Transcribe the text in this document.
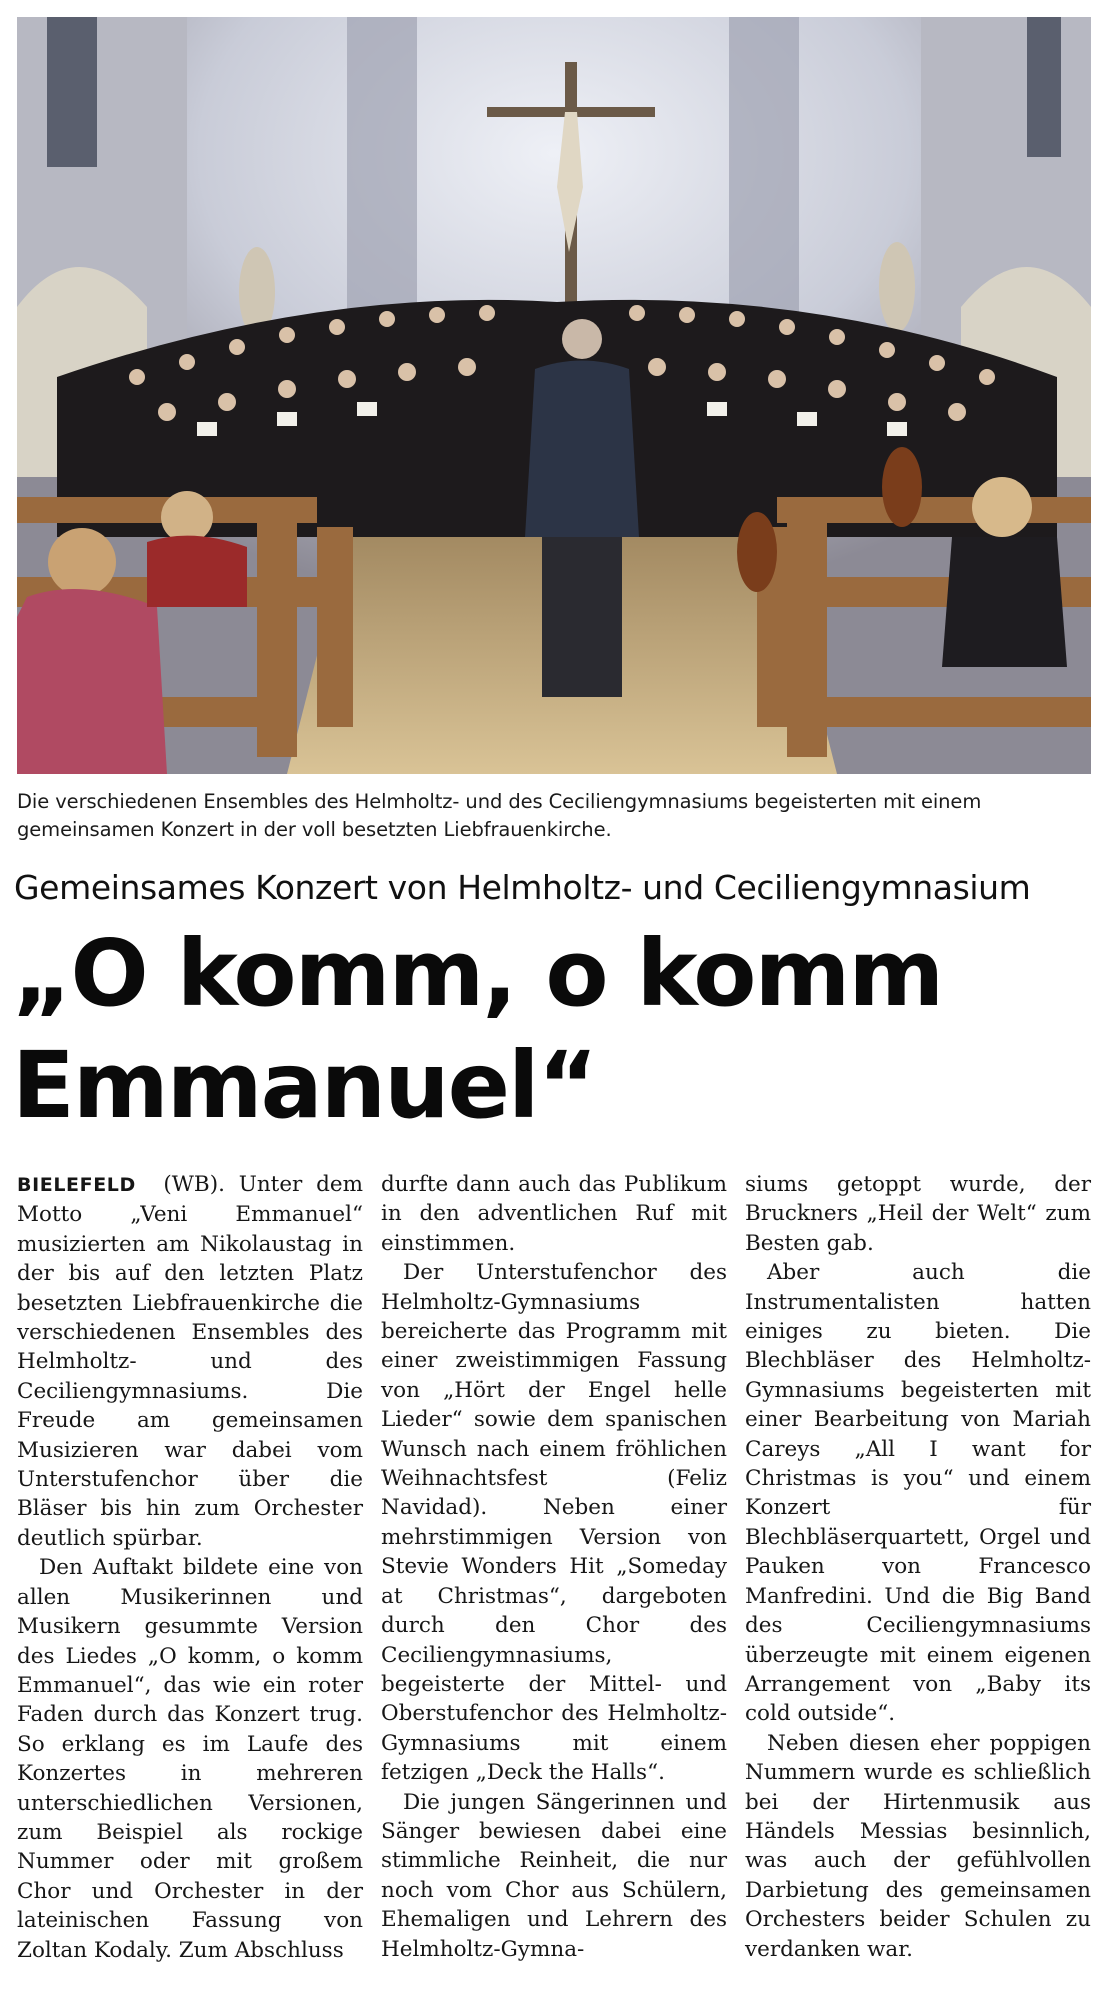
Die verschiedenen Ensembles des Helmholtz- und des Ceciliengymnasiums begeisterten mit einem gemeinsamen Konzert in der voll besetzten Liebfrauenkirche.
Gemeinsames Konzert von Helmholtz- und Ceciliengymnasium
„O komm, o komm Emmanuel“

BIELEFELD (WB). Unter dem Motto „Veni Emmanuel“ musizierten am Nikolaustag in der bis auf den letzten Platz besetzten Liebfrauenkirche die verschiedenen Ensembles des Helmholtz- und des Ceciliengymnasiums. Die Freude am gemeinsamen Musizieren war dabei vom Unterstufenchor über die Bläser bis hin zum Orchester deutlich spürbar.

Den Auftakt bildete eine von allen Musikerinnen und Musikern gesummte Version des Liedes „O komm, o komm Emmanuel“, das wie ein roter Faden durch das Konzert trug. So erklang es im Laufe des Konzertes in mehreren unterschiedlichen Versionen, zum Beispiel als rockige Nummer oder mit großem Chor und Orchester in der lateinischen Fassung von Zoltan Kodaly. Zum Abschluss

durfte dann auch das Publikum in den adventlichen Ruf mit einstimmen.

Der Unterstufenchor des Helmholtz-Gymnasiums bereicherte das Programm mit einer zweistimmigen Fassung von „Hört der Engel helle Lieder“ sowie dem spanischen Wunsch nach einem fröhlichen Weihnachtsfest (Feliz Navidad). Neben einer mehrstimmigen Version von Stevie Wonders Hit „Someday at Christmas“, dargeboten durch den Chor des Ceciliengymnasiums, begeisterte der Mittel- und Oberstufenchor des Helmholtz-Gymnasiums mit einem fetzigen „Deck the Halls“.

Die jungen Sängerinnen und Sänger bewiesen dabei eine stimmliche Reinheit, die nur noch vom Chor aus Schülern, Ehemaligen und Lehrern des Helmholtz-Gymna-

siums getoppt wurde, der Bruckners „Heil der Welt“ zum Besten gab.

Aber auch die Instrumentalisten hatten einiges zu bieten. Die Blechbläser des Helmholtz-Gymnasiums begeisterten mit einer Bearbeitung von Mariah Careys „All I want for Christmas is you“ und einem Konzert für Blechbläserquartett, Orgel und Pauken von Francesco Manfredini. Und die Big Band des Ceciliengymnasiums überzeugte mit einem eigenen Arrangement von „Baby its cold outside“.

Neben diesen eher poppigen Nummern wurde es schließlich bei der Hirtenmusik aus Händels Messias besinnlich, was auch der gefühlvollen Darbietung des gemeinsamen Orchesters beider Schulen zu verdanken war.
